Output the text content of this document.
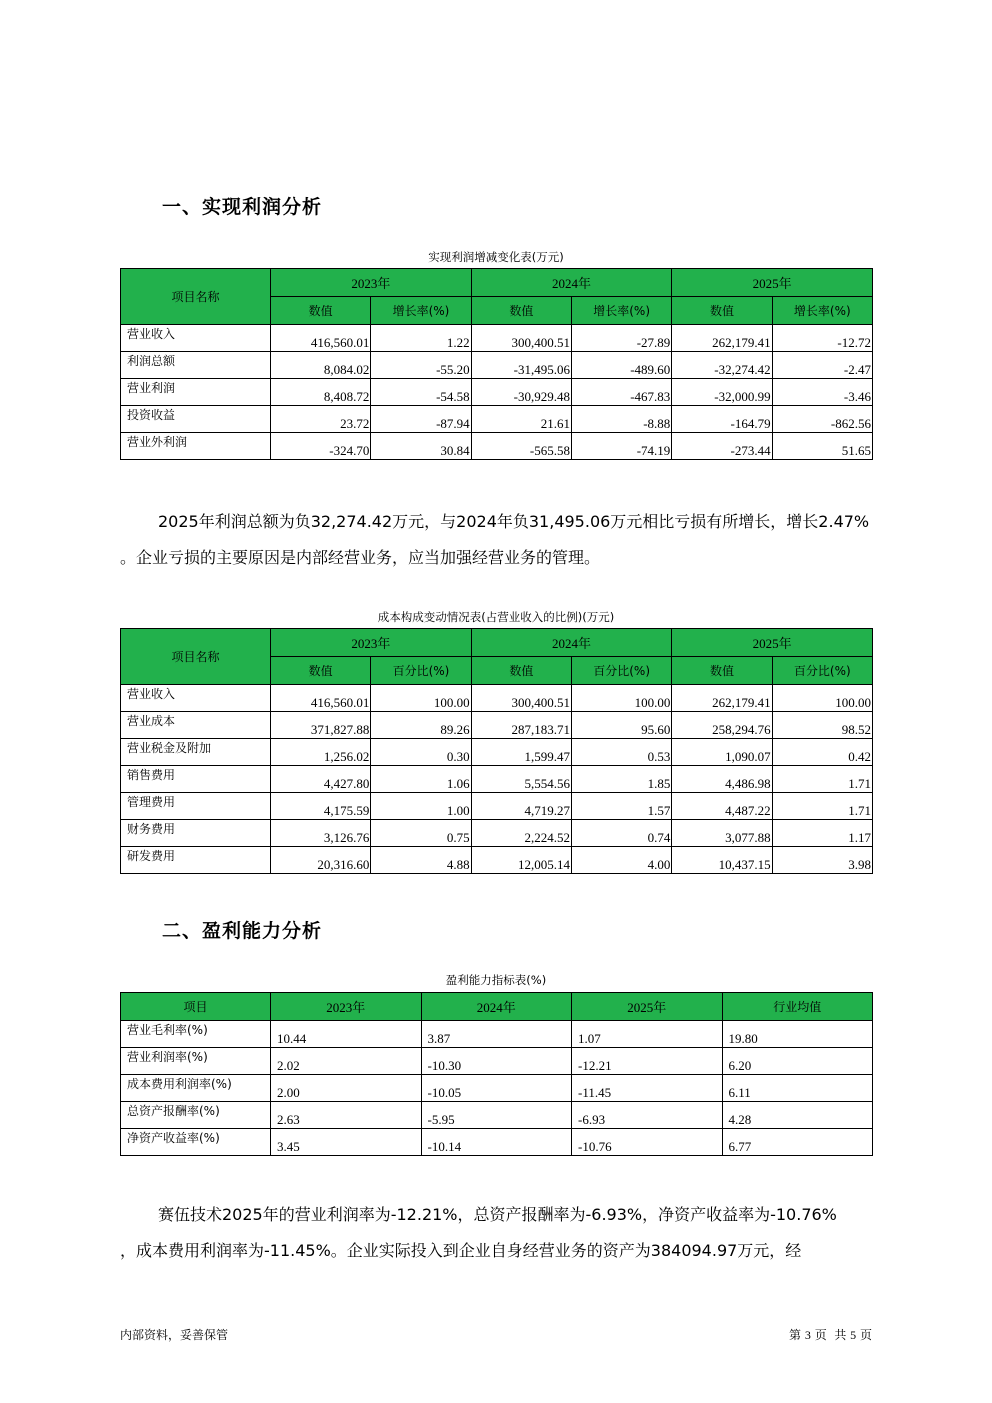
一、实现利润分析
实现利润增减变化表(万元)
项目名称	2023年		2024年		2025年	
	数值	增长率(%)	数值	增长率(%)	数值	增长率(%)
营业收入	416,560.01	1.22	300,400.51	-27.89	262,179.41	-12.72
利润总额	8,084.02	-55.20	-31,495.06	-489.60	-32,274.42	-2.47
营业利润	8,408.72	-54.58	-30,929.48	-467.83	-32,000.99	-3.46
投资收益	23.72	-87.94	21.61	-8.88	-164.79	-862.56
营业外利润	-324.70	30.84	-565.58	-74.19	-273.44	51.65

2025年利润总额为负32,274.42万元，与2024年负31,495.06万元相比亏损有所增长，增长2.47%
。企业亏损的主要原因是内部经营业务，应当加强经营业务的管理。

成本构成变动情况表(占营业收入的比例)(万元)
项目名称	2023年		2024年		2025年	
	数值	百分比(%)	数值	百分比(%)	数值	百分比(%)
营业收入	416,560.01	100.00	300,400.51	100.00	262,179.41	100.00
营业成本	371,827.88	89.26	287,183.71	95.60	258,294.76	98.52
营业税金及附加	1,256.02	0.30	1,599.47	0.53	1,090.07	0.42
销售费用	4,427.80	1.06	5,554.56	1.85	4,486.98	1.71
管理费用	4,175.59	1.00	4,719.27	1.57	4,487.22	1.71
财务费用	3,126.76	0.75	2,224.52	0.74	3,077.88	1.17
研发费用	20,316.60	4.88	12,005.14	4.00	10,437.15	3.98
二、盈利能力分析
盈利能力指标表(%)
项目	2023年	2024年	2025年	行业均值
营业毛利率(%)	10.44	3.87	1.07	19.80
营业利润率(%)	2.02	-10.30	-12.21	6.20
成本费用利润率(%)	2.00	-10.05	-11.45	6.11
总资产报酬率(%)	2.63	-5.95	-6.93	4.28
净资产收益率(%)	3.45	-10.14	-10.76	6.77

赛伍技术2025年的营业利润率为-12.21%，总资产报酬率为-6.93%，净资产收益率为-10.76%
，成本费用利润率为-11.45%。企业实际投入到企业自身经营业务的资产为384094.97万元，经

内部资料，妥善保管	第 3 页  共 5 页
